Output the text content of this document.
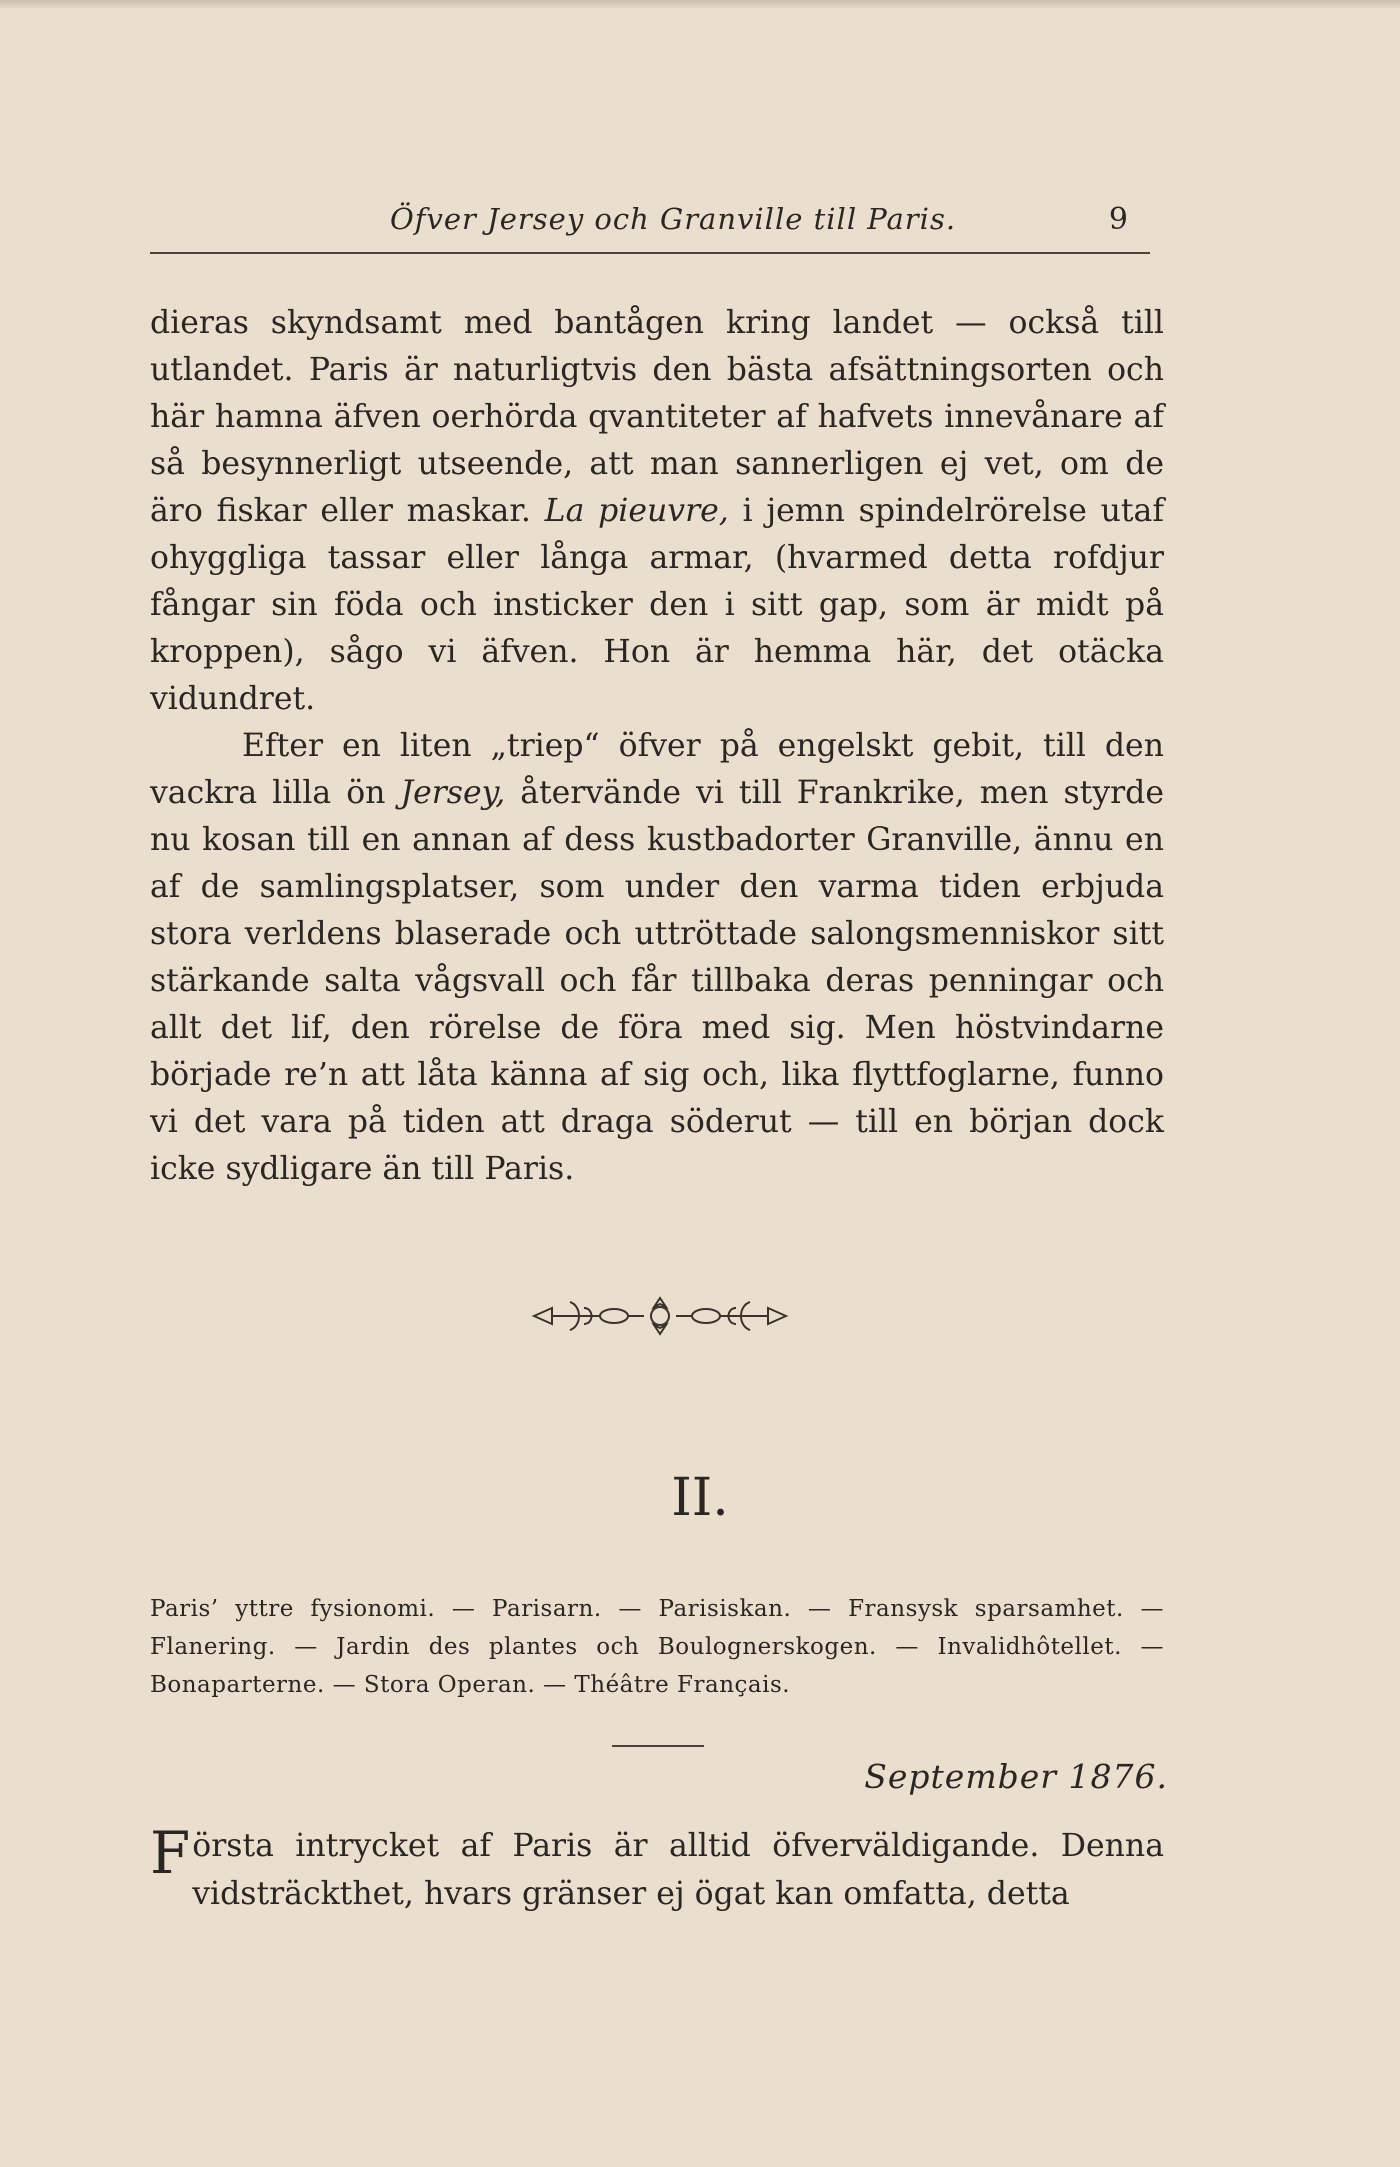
Öfver Jersey och Granville till Paris.	9

dieras skyndsamt med bantågen kring landet — också till utlandet. Paris är naturligtvis den bästa afsättningsorten och här hamna äfven oerhörda qvantiteter af hafvets innevånare af så besynnerligt utseende, att man sannerligen ej vet, om de äro fiskar eller maskar. La pieuvre, i jemn spindelrörelse utaf ohyggliga tassar eller långa armar, (hvarmed detta rofdjur fångar sin föda och insticker den i sitt gap, som är midt på kroppen), sågo vi äfven. Hon är hemma här, det otäcka vidundret.

Efter en liten „triep“ öfver på engelskt gebit, till den vackra lilla ön Jersey, återvände vi till Frankrike, men styrde nu kosan till en annan af dess kustbadorter Granville, ännu en af de samlingsplatser, som under den varma tiden erbjuda stora verldens blaserade och uttröttade salongsmenniskor sitt stärkande salta vågsvall och får tillbaka deras penningar och allt det lif, den rörelse de föra med sig. Men höstvindarne började re’n att låta känna af sig och, lika flyttfoglarne, funno vi det vara på tiden att draga söderut — till en början dock icke sydligare än till Paris.

II.

Paris’ yttre fysionomi. — Parisarn. — Parisiskan. — Fransysk sparsamhet. — Flanering. — Jardin des plantes och Boulognerskogen. — Invalidhôtellet. — Bonaparterne. — Stora Operan. — Théâtre Français.

September 1876.

Första intrycket af Paris är alltid öfverväldigande. Denna vidsträckthet, hvars gränser ej ögat kan omfatta, detta
